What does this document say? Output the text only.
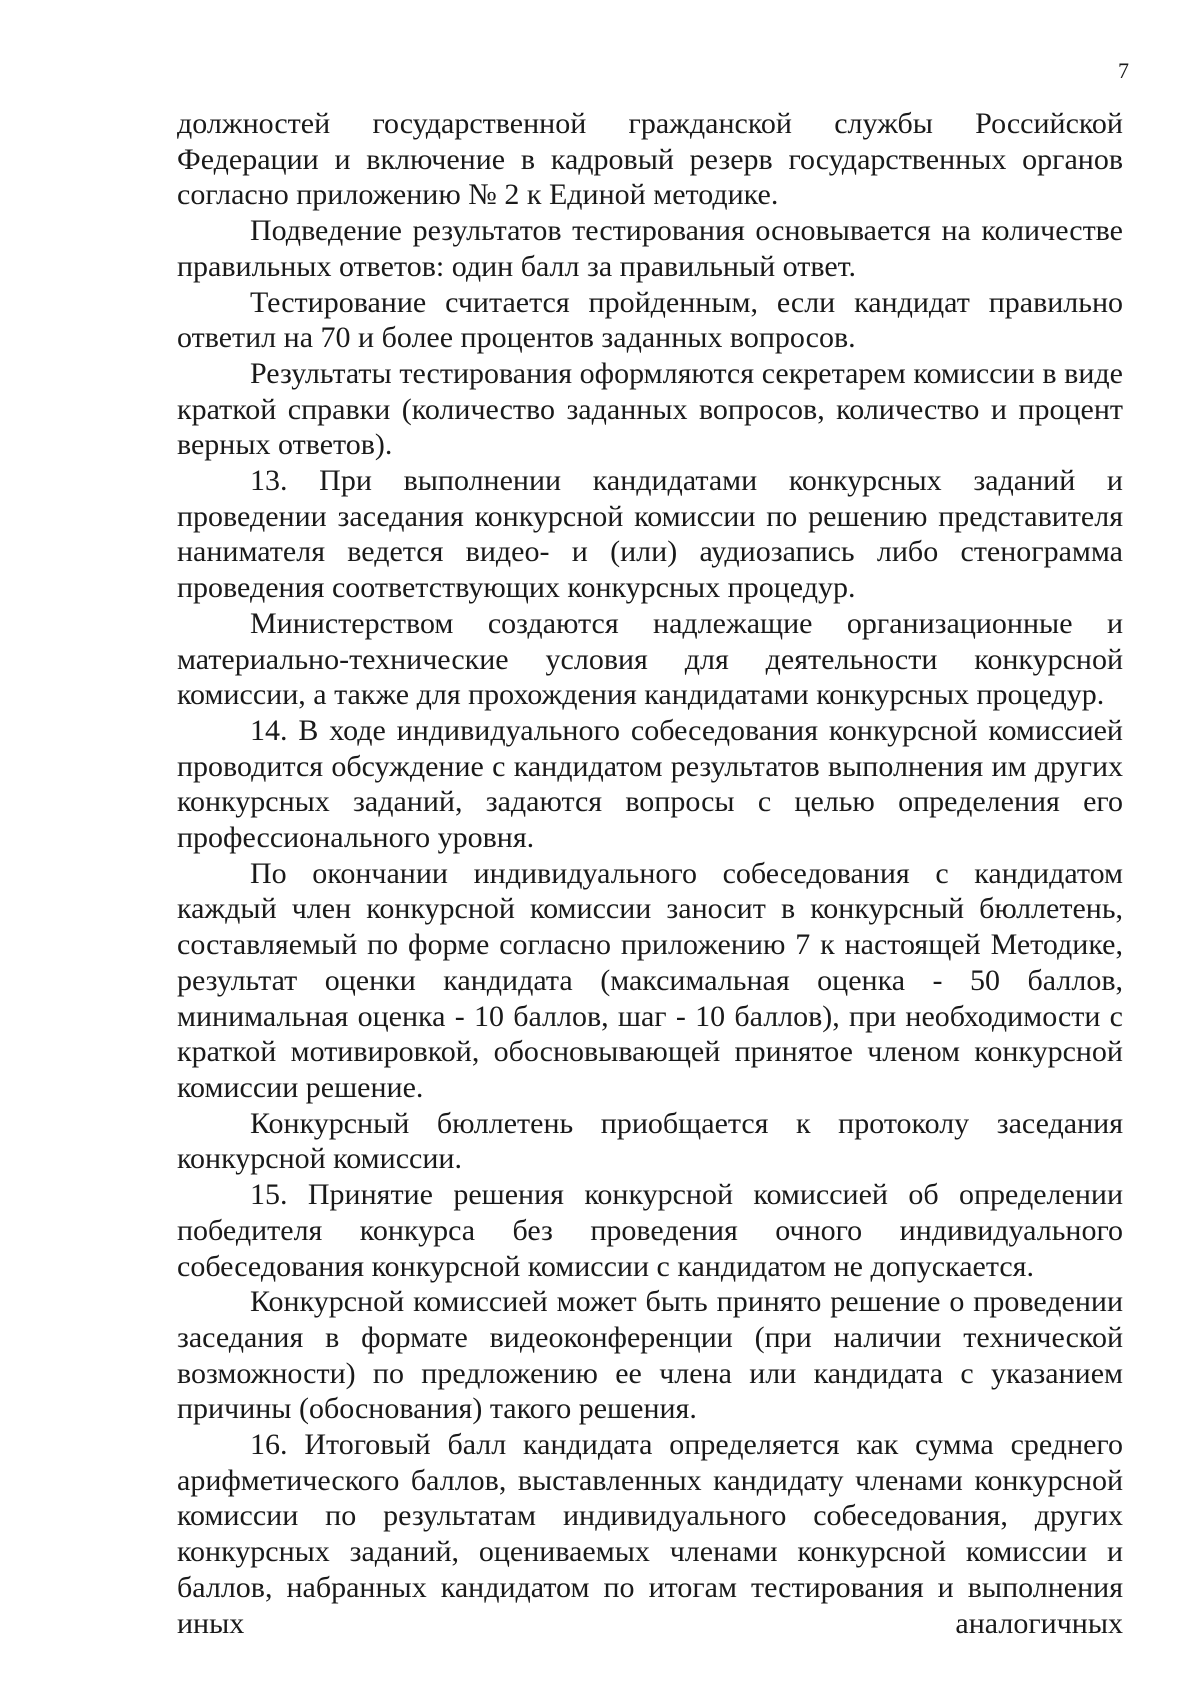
7

должностей государственной гражданской службы Российской Федерации и включение в кадровый резерв государственных органов согласно приложению № 2 к Единой методике.

Подведение результатов тестирования основывается на количестве правильных ответов: один балл за правильный ответ.

Тестирование считается пройденным, если кандидат правильно ответил на 70 и более процентов заданных вопросов.

Результаты тестирования оформляются секретарем комиссии в виде краткой справки (количество заданных вопросов, количество и процент верных ответов).

13. При выполнении кандидатами конкурсных заданий и проведении заседания конкурсной комиссии по решению представителя нанимателя ведется видео- и (или) аудиозапись либо стенограмма проведения соответствующих конкурсных процедур.

Министерством создаются надлежащие организационные и материально-технические условия для деятельности конкурсной комиссии, а также для прохождения кандидатами конкурсных процедур.

14. В ходе индивидуального собеседования конкурсной комиссией проводится обсуждение с кандидатом результатов выполнения им других конкурсных заданий, задаются вопросы с целью определения его профессионального уровня.

По окончании индивидуального собеседования с кандидатом каждый член конкурсной комиссии заносит в конкурсный бюллетень, составляемый по форме согласно приложению 7 к настоящей Методике, результат оценки кандидата (максимальная оценка - 50 баллов, минимальная оценка - 10 баллов, шаг - 10 баллов), при необходимости с краткой мотивировкой, обосновывающей принятое членом конкурсной комиссии решение.

Конкурсный бюллетень приобщается к протоколу заседания конкурсной комиссии.

15. Принятие решения конкурсной комиссией об определении победителя конкурса без проведения очного индивидуального собеседования конкурсной комиссии с кандидатом не допускается.

Конкурсной комиссией может быть принято решение о проведении заседания в формате видеоконференции (при наличии технической возможности) по предложению ее члена или кандидата с указанием причины (обоснования) такого решения.

16. Итоговый балл кандидата определяется как сумма среднего арифметического баллов, выставленных кандидату членами конкурсной комиссии по результатам индивидуального собеседования, других конкурсных заданий, оцениваемых членами конкурсной комиссии и баллов, набранных кандидатом по итогам тестирования и выполнения иных аналогичных
